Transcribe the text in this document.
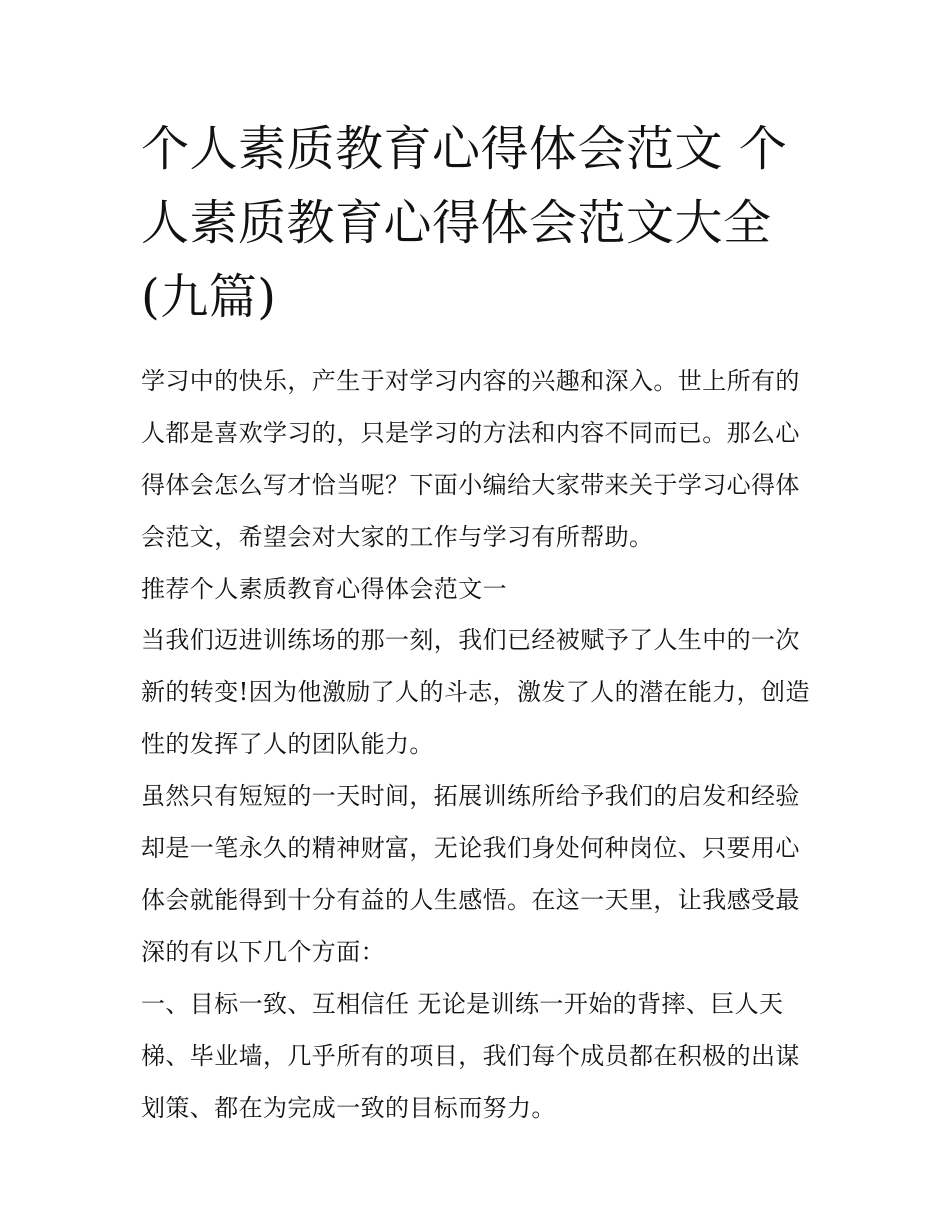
个人素质教育心得体会范文 个人素质教育心得体会范文大全(九篇)

学习中的快乐，产生于对学习内容的兴趣和深入。世上所有的人都是喜欢学习的，只是学习的方法和内容不同而已。那么心得体会怎么写才恰当呢？下面小编给大家带来关于学习心得体会范文，希望会对大家的工作与学习有所帮助。

推荐个人素质教育心得体会范文一

当我们迈进训练场的那一刻，我们已经被赋予了人生中的一次新的转变!因为他激励了人的斗志，激发了人的潜在能力，创造性的发挥了人的团队能力。

虽然只有短短的一天时间，拓展训练所给予我们的启发和经验却是一笔永久的精神财富，无论我们身处何种岗位、只要用心体会就能得到十分有益的人生感悟。在这一天里，让我感受最深的有以下几个方面：

一、目标一致、互相信任 无论是训练一开始的背摔、巨人天梯、毕业墙，几乎所有的项目，我们每个成员都在积极的出谋划策、都在为完成一致的目标而努力。
